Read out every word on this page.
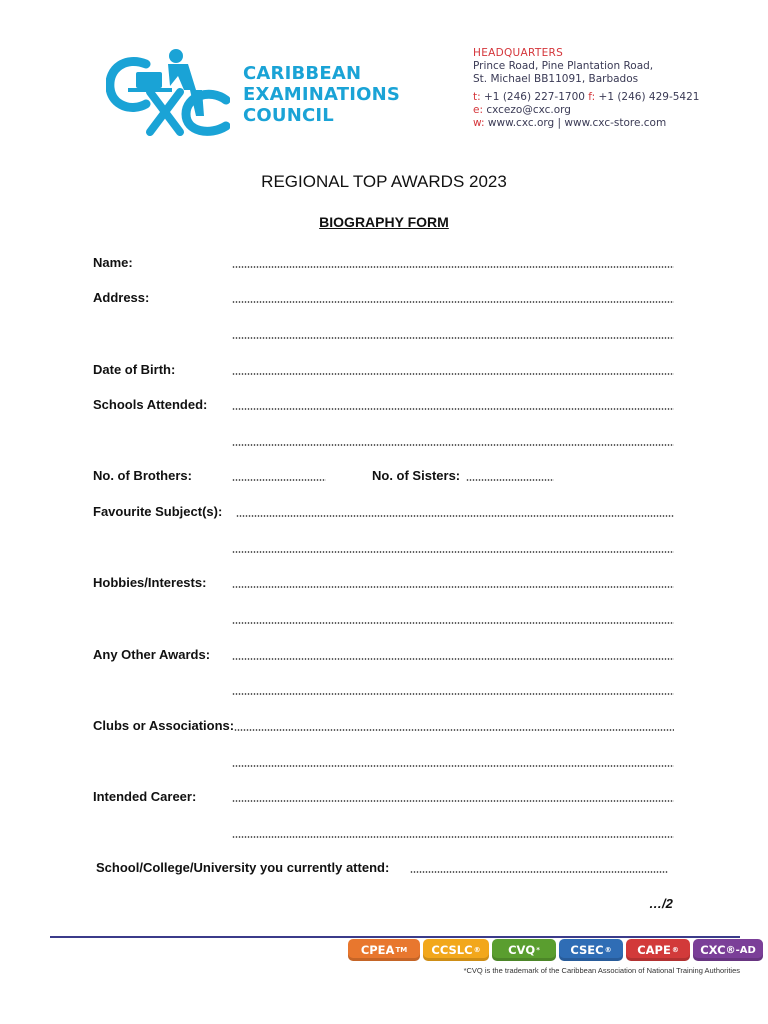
CARIBBEAN
EXAMINATIONS
COUNCIL
HEADQUARTERS
Prince Road, Pine Plantation Road,
St. Michael BB11091, Barbados
t: +1 (246) 227-1700 f: +1 (246) 429-5421
e: cxcezo@cxc.org
w: www.cxc.org | www.cxc-store.com
REGIONAL TOP AWARDS 2023
BIOGRAPHY FORM
Name:
Address:
Date of Birth:
Schools Attended:
No. of Brothers:	No. of Sisters:
Favourite Subject(s):
Hobbies/Interests:
Any Other Awards:
Clubs or Associations:
Intended Career:
School/College/University you currently attend:
…/2
CPEA TM CCSLC ® CVQ *	CSEC ® CAPE ® CXC ®-AD
*CVQ is the trademark of the Caribbean Association of National Training Authorities
